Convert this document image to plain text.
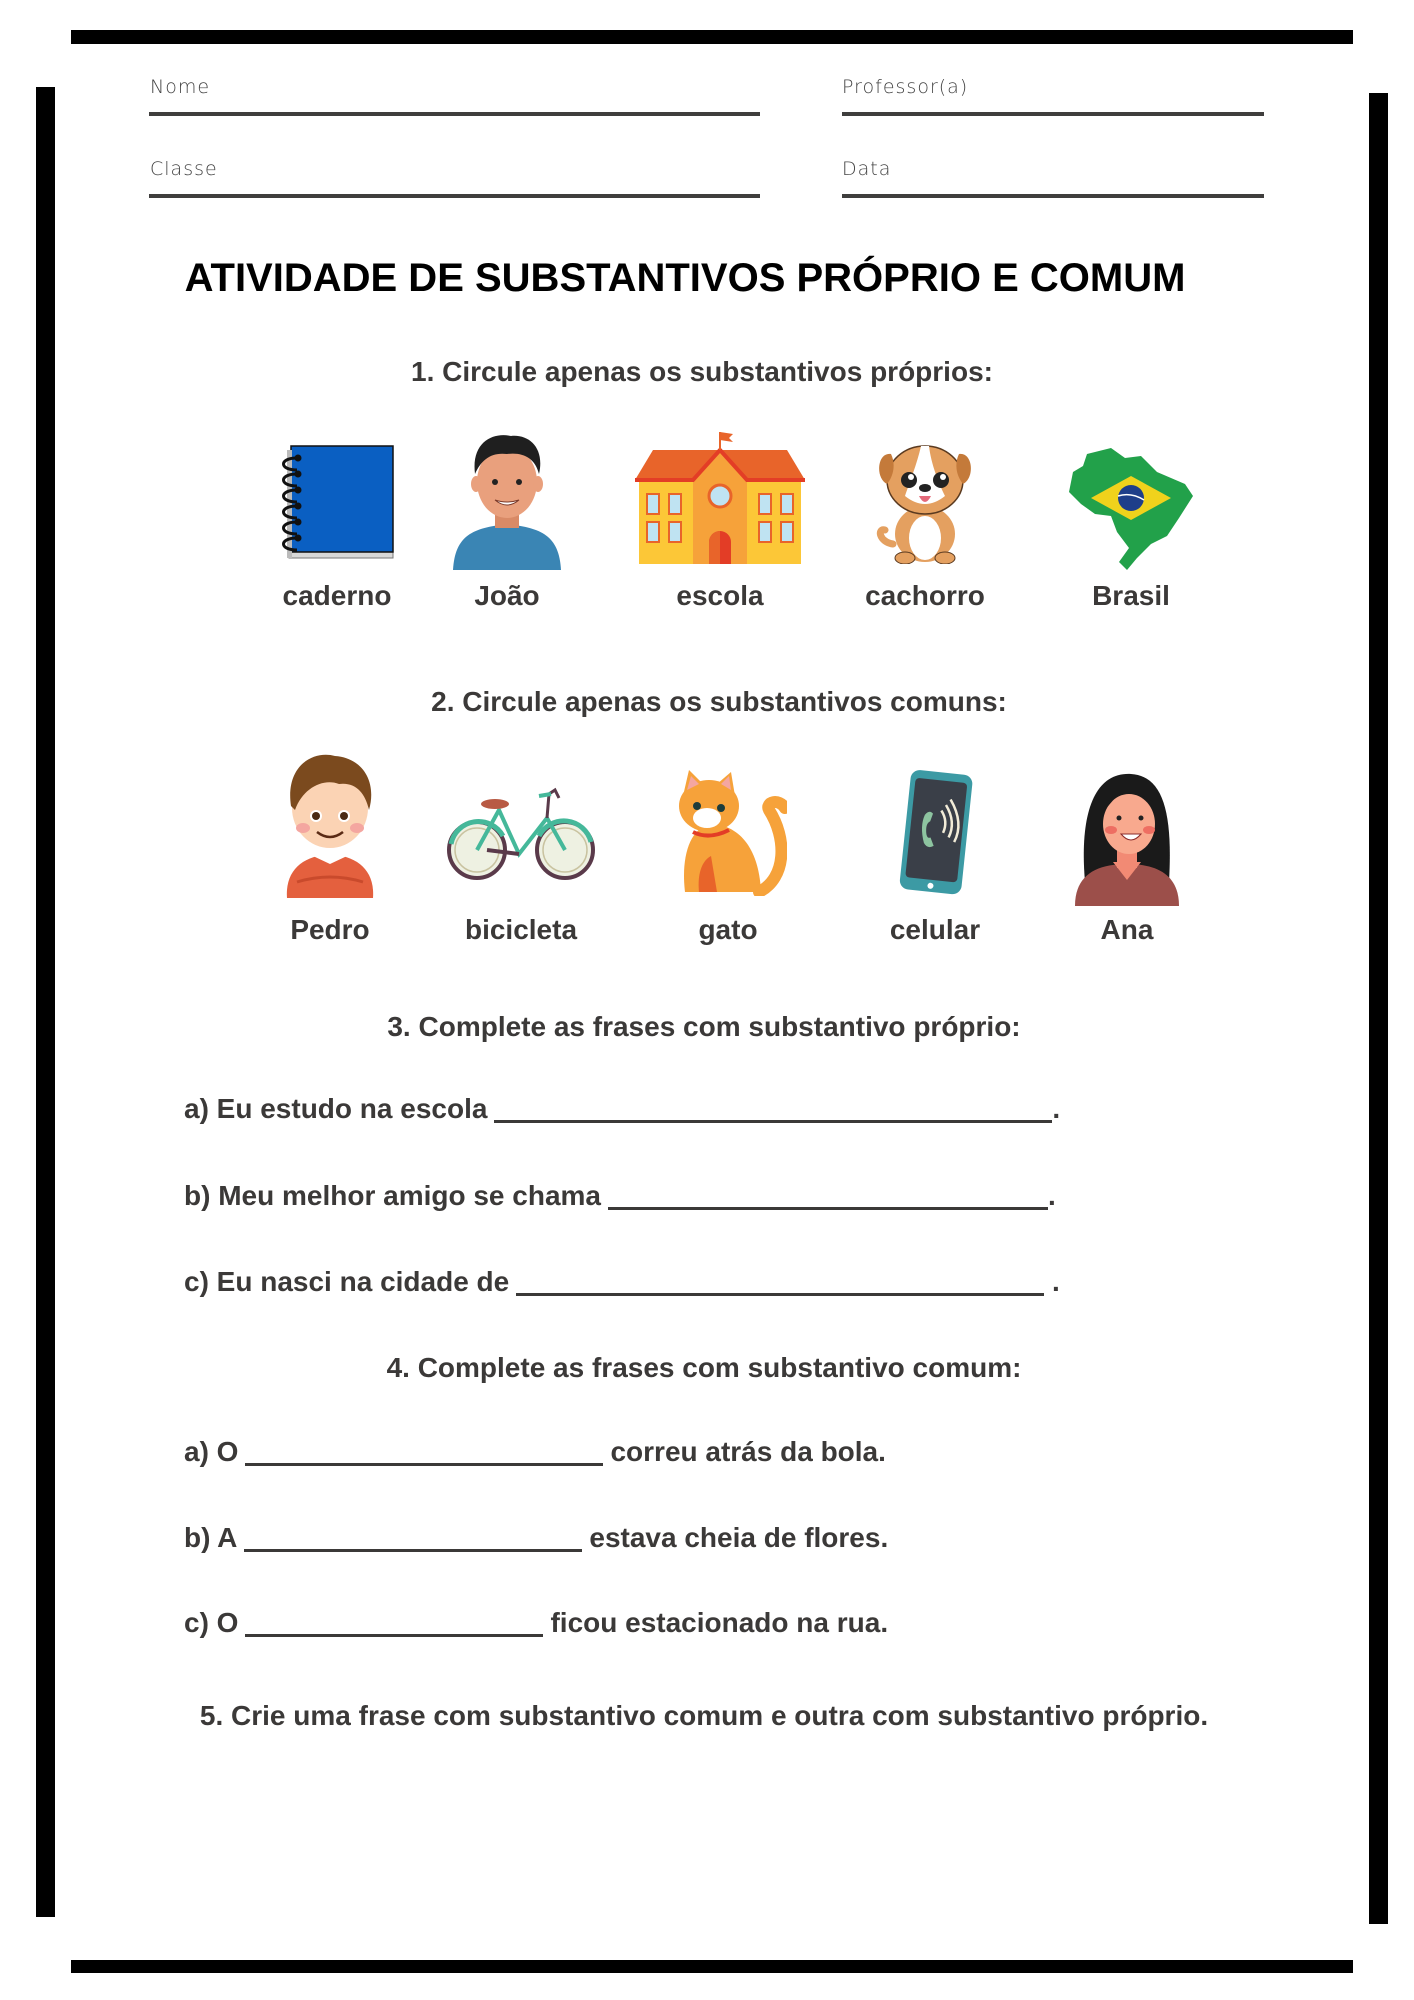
Nome	Professor(a)
Classe	Data
ATIVIDADE DE SUBSTANTIVOS PRÓPRIO E COMUM
1. Circule apenas os substantivos próprios:
caderno	João	escola	cachorro	Brasil
2. Circule apenas os substantivos comuns:
Pedro	bicicleta	gato	celular	Ana
3. Complete as frases com substantivo próprio:
a) Eu estudo na escola	.
b) Meu melhor amigo se chama	.
c) Eu nasci na cidade de	.
4. Complete as frases com substantivo comum:
a) O	correu atrás da bola.
b) A	estava cheia de flores.
c) O	ficou estacionado na rua.
5. Crie uma frase com substantivo comum e outra com substantivo próprio.
